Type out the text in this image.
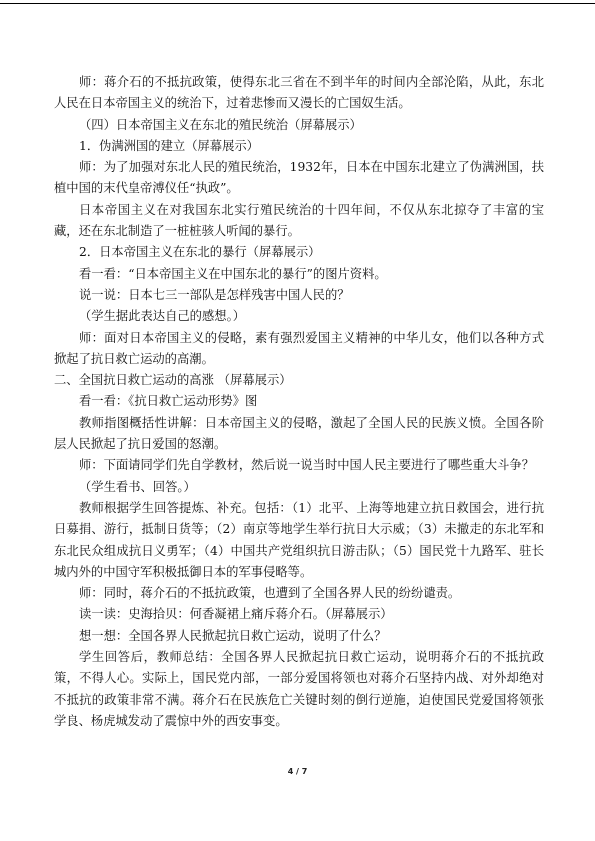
师：蒋介石的不抵抗政策，使得东北三省在不到半年的时间内全部沦陷，从此，东北人民在日本帝国主义的统治下，过着悲惨而又漫长的亡国奴生活。

（四）日本帝国主义在东北的殖民统治（屏幕展示）

1．伪满洲国的建立（屏幕展示）

师：为了加强对东北人民的殖民统治，1932年，日本在中国东北建立了伪满洲国，扶植中国的末代皇帝溥仪任“执政”。

日本帝国主义在对我国东北实行殖民统治的十四年间，不仅从东北掠夺了丰富的宝藏，还在东北制造了一桩桩骇人听闻的暴行。

2．日本帝国主义在东北的暴行（屏幕展示）

看一看：“日本帝国主义在中国东北的暴行”的图片资料。

说一说：日本七三一部队是怎样残害中国人民的？

（学生据此表达自己的感想。）

师：面对日本帝国主义的侵略，素有强烈爱国主义精神的中华儿女，他们以各种方式掀起了抗日救亡运动的高潮。

二、全国抗日救亡运动的高涨 （屏幕展示）

看一看：《抗日救亡运动形势》图

教师指图概括性讲解：日本帝国主义的侵略，激起了全国人民的民族义愤。全国各阶层人民掀起了抗日爱国的怒潮。

师：下面请同学们先自学教材，然后说一说当时中国人民主要进行了哪些重大斗争？

（学生看书、回答。）

教师根据学生回答提炼、补充。包括：（1）北平、上海等地建立抗日救国会，进行抗日募捐、游行，抵制日货等；（2）南京等地学生举行抗日大示威；（3）未撤走的东北军和东北民众组成抗日义勇军；（4）中国共产党组织抗日游击队；（5）国民党十九路军、驻长城内外的中国守军积极抵御日本的军事侵略等。

师：同时，蒋介石的不抵抗政策，也遭到了全国各界人民的纷纷谴责。

读一读：史海拾贝：何香凝裙上痛斥蒋介石。（屏幕展示）

想一想：全国各界人民掀起抗日救亡运动，说明了什么？

学生回答后，教师总结：全国各界人民掀起抗日救亡运动，说明蒋介石的不抵抗政策，不得人心。实际上，国民党内部，一部分爱国将领也对蒋介石坚持内战、对外却绝对不抵抗的政策非常不满。蒋介石在民族危亡关键时刻的倒行逆施，迫使国民党爱国将领张学良、杨虎城发动了震惊中外的西安事变。

4 / 7
